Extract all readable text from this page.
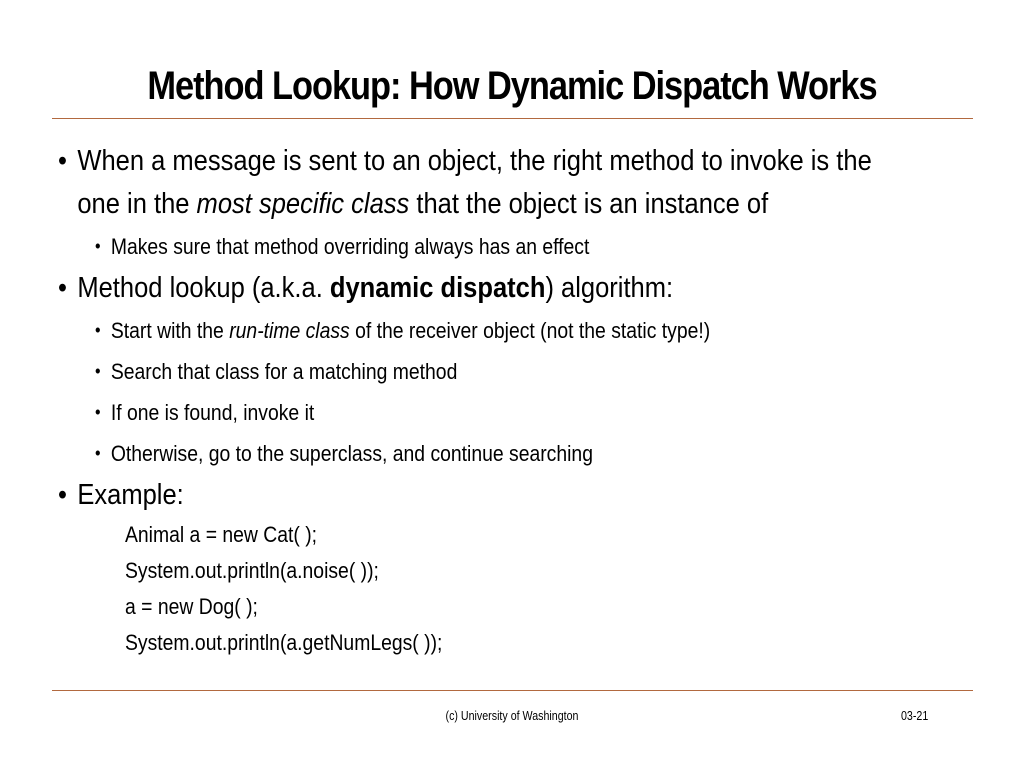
Method Lookup: How Dynamic Dispatch Works
• When a message is sent to an object, the right method to invoke is the
one in the most specific class that the object is an instance of
• Makes sure that method overriding always has an effect
• Method lookup (a.k.a. dynamic dispatch) algorithm:
• Start with the run-time class of the receiver object (not the static type!)
• Search that class for a matching method
• If one is found, invoke it
• Otherwise, go to the superclass, and continue searching
• Example:
Animal a = new Cat( );
System.out.println(a.noise( ));
a = new Dog( );
System.out.println(a.getNumLegs( ));
(c) University of Washington	03-21
